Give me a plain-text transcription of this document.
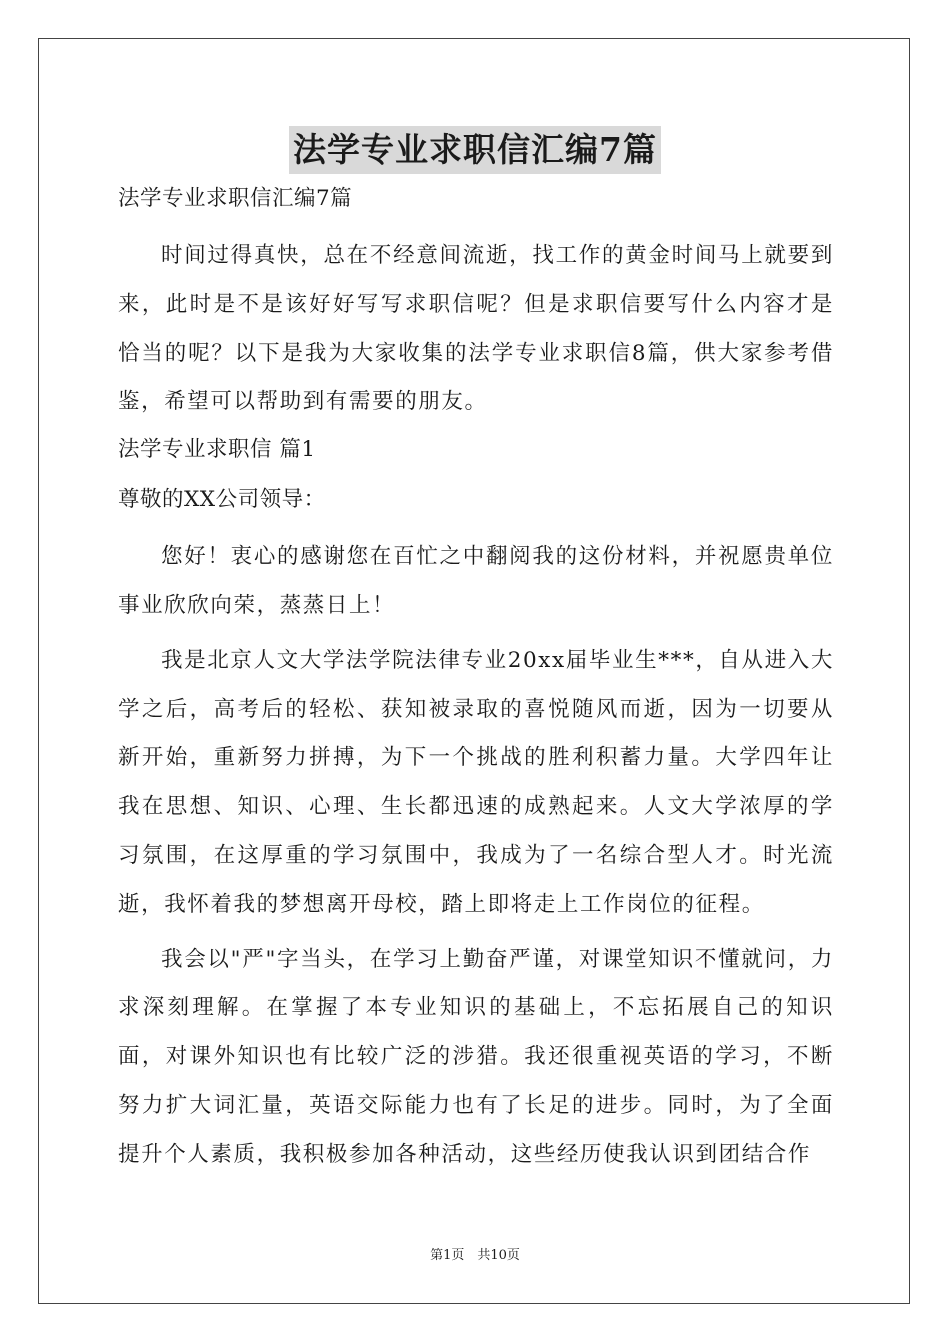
法学专业求职信汇编7篇

法学专业求职信汇编7篇

时间过得真快，总在不经意间流逝，找工作的黄金时间马上就要到来，此时是不是该好好写写求职信呢？但是求职信要写什么内容才是恰当的呢？以下是我为大家收集的法学专业求职信8篇，供大家参考借鉴，希望可以帮助到有需要的朋友。

法学专业求职信 篇1

尊敬的XX公司领导：

您好！衷心的感谢您在百忙之中翻阅我的这份材料，并祝愿贵单位事业欣欣向荣，蒸蒸日上！

我是北京人文大学法学院法律专业20xx届毕业生***，自从进入大学之后，高考后的轻松、获知被录取的喜悦随风而逝，因为一切要从新开始，重新努力拼搏，为下一个挑战的胜利积蓄力量。大学四年让我在思想、知识、心理、生长都迅速的成熟起来。人文大学浓厚的学习氛围，在这厚重的学习氛围中，我成为了一名综合型人才。时光流逝，我怀着我的梦想离开母校，踏上即将走上工作岗位的征程。

我会以"严"字当头，在学习上勤奋严谨，对课堂知识不懂就问，力求深刻理解。在掌握了本专业知识的基础上，不忘拓展自己的知识面，对课外知识也有比较广泛的涉猎。我还很重视英语的学习，不断努力扩大词汇量，英语交际能力也有了长足的进步。同时，为了全面提升个人素质，我积极参加各种活动，这些经历使我认识到团结合作

第1页　共10页
